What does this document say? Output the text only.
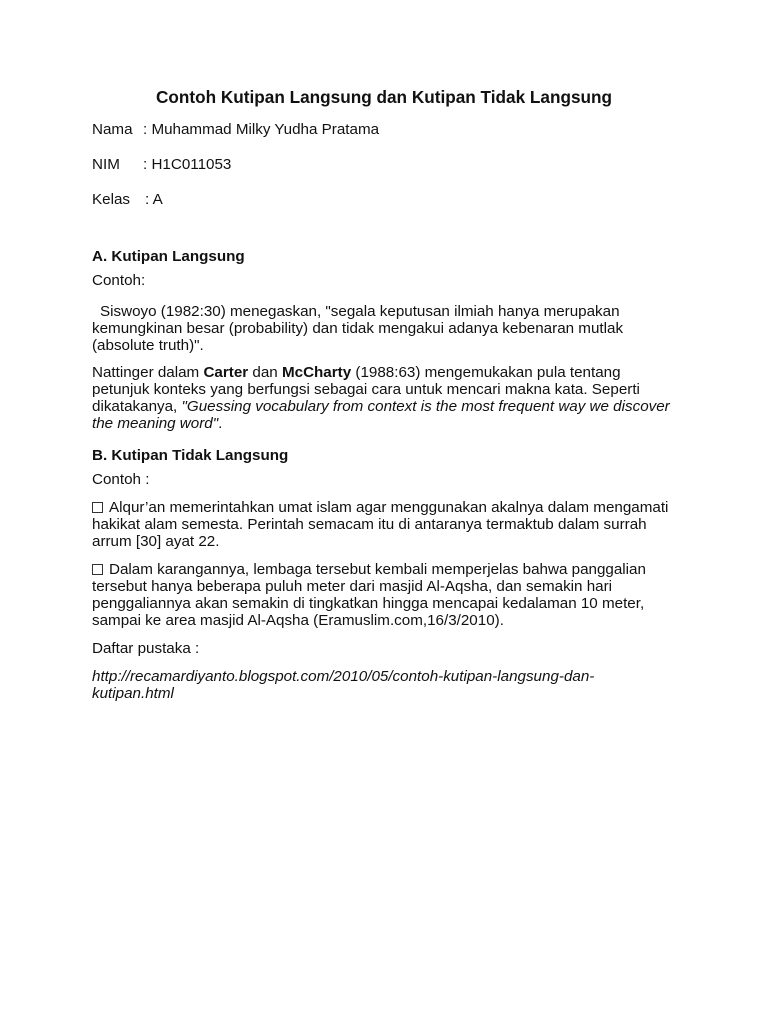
Contoh Kutipan Langsung dan Kutipan Tidak Langsung
Nama : Muhammad Milky Yudha Pratama
NIM	: H1C011053
Kelas : A

A. Kutipan Langsung

Contoh:

Siswoyo (1982:30) menegaskan, "segala keputusan ilmiah hanya merupakan kemungkinan besar (probability) dan tidak mengakui adanya kebenaran mutlak (absolute truth)".

Nattinger dalam Carter dan McCharty (1988:63) mengemukakan pula tentang petunjuk konteks yang berfungsi sebagai cara untuk mencari makna kata. Seperti dikatakanya, "Guessing vocabulary from context is the most frequent way we discover the meaning word".

B. Kutipan Tidak Langsung

Contoh :

Alqur’an memerintahkan umat islam agar menggunakan akalnya dalam mengamati hakikat alam semesta. Perintah semacam itu di antaranya termaktub dalam surrah arrum [30] ayat 22.

Dalam karangannya, lembaga tersebut kembali memperjelas bahwa panggalian tersebut hanya beberapa puluh meter dari masjid Al-Aqsha, dan semakin hari penggaliannya akan semakin di tingkatkan hingga mencapai kedalaman 10 meter, sampai ke area masjid Al-Aqsha (Eramuslim.com,16/3/2010).

Daftar pustaka :

http://recamardiyanto.blogspot.com/2010/05/contoh-kutipan-langsung-dan-kutipan.html
